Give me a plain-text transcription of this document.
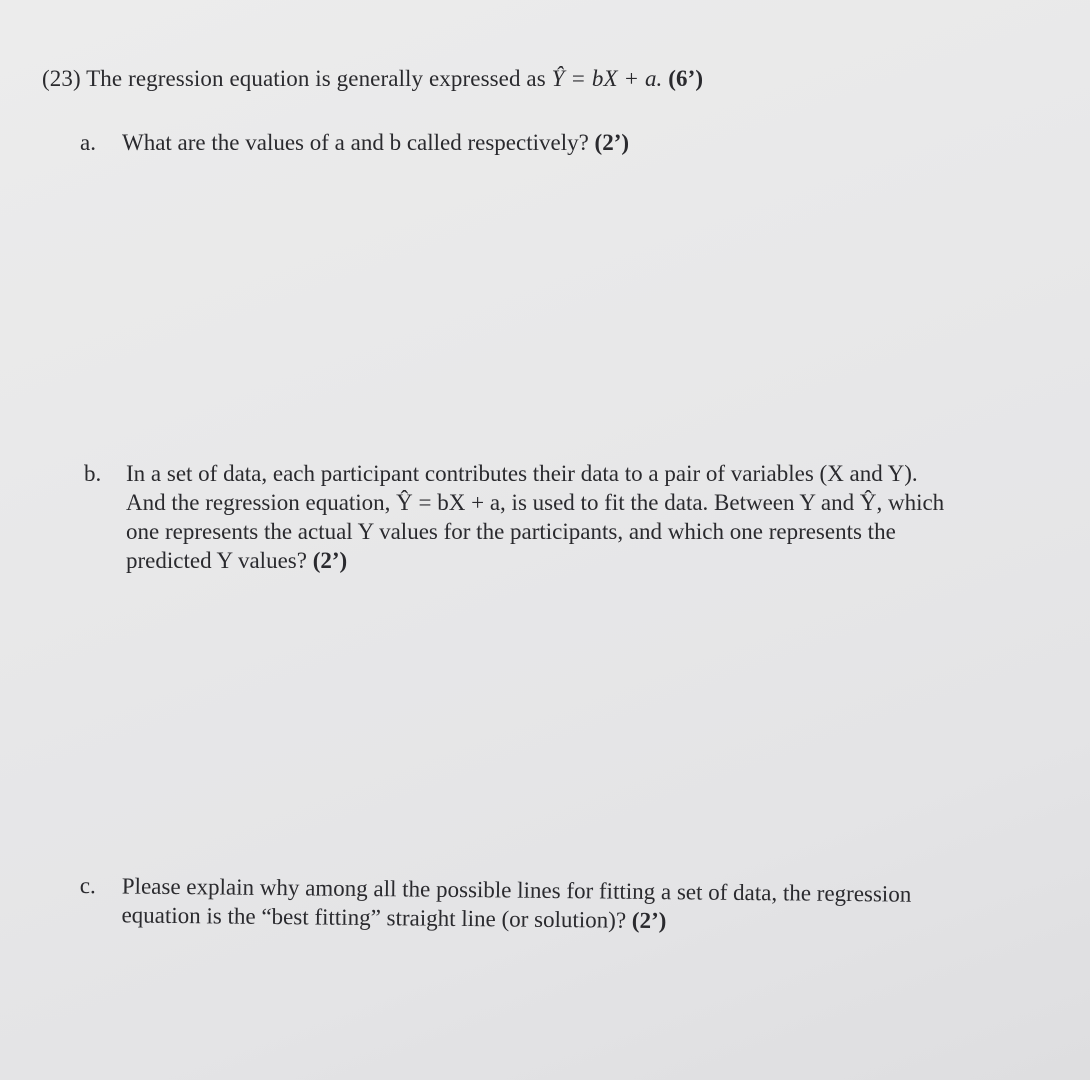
(23) The regression equation is generally expressed as Ŷ = bX + a. (6’)
a. What are the values of a and b called respectively? (2’)
b. In a set of data, each participant contributes their data to a pair of variables (X and Y).
And the regression equation, Ŷ = bX + a, is used to fit the data. Between Y and Ŷ, which
one represents the actual Y values for the participants, and which one represents the
predicted Y values? (2’)
c. Please explain why among all the possible lines for fitting a set of data, the regression
equation is the “best fitting” straight line (or solution)? (2’)
